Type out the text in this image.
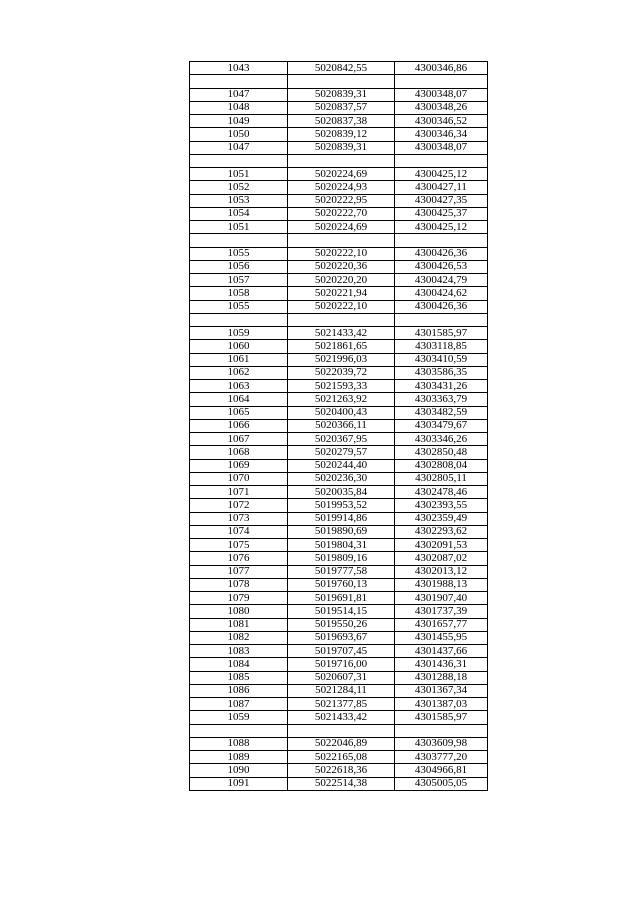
1043	5020842,55	4300346,86

1047	5020839,31	4300348,07
1048	5020837,57	4300348,26
1049	5020837,38	4300346,52
1050	5020839,12	4300346,34
1047	5020839,31	4300348,07

1051	5020224,69	4300425,12
1052	5020224,93	4300427,11
1053	5020222,95	4300427,35
1054	5020222,70	4300425,37
1051	5020224,69	4300425,12

1055	5020222,10	4300426,36
1056	5020220,36	4300426,53
1057	5020220,20	4300424,79
1058	5020221,94	4300424,62
1055	5020222,10	4300426,36

1059	5021433,42	4301585,97
1060	5021861,65	4303118,85
1061	5021996,03	4303410,59
1062	5022039,72	4303586,35
1063	5021593,33	4303431,26
1064	5021263,92	4303363,79
1065	5020400,43	4303482,59
1066	5020366,11	4303479,67
1067	5020367,95	4303346,26
1068	5020279,57	4302850,48
1069	5020244,40	4302808,04
1070	5020236,30	4302805,11
1071	5020035,84	4302478,46
1072	5019953,52	4302393,55
1073	5019914,86	4302359,49
1074	5019890,69	4302293,62
1075	5019804,31	4302091,53
1076	5019809,16	4302087,02
1077	5019777,58	4302013,12
1078	5019760,13	4301988,13
1079	5019691,81	4301907,40
1080	5019514,15	4301737,39
1081	5019550,26	4301657,77
1082	5019693,67	4301455,95
1083	5019707,45	4301437,66
1084	5019716,00	4301436,31
1085	5020607,31	4301288,18
1086	5021284,11	4301367,34
1087	5021377,85	4301387,03
1059	5021433,42	4301585,97

1088	5022046,89	4303609,98
1089	5022165,08	4303777,20
1090	5022618,36	4304966,81
1091	5022514,38	4305005,05
